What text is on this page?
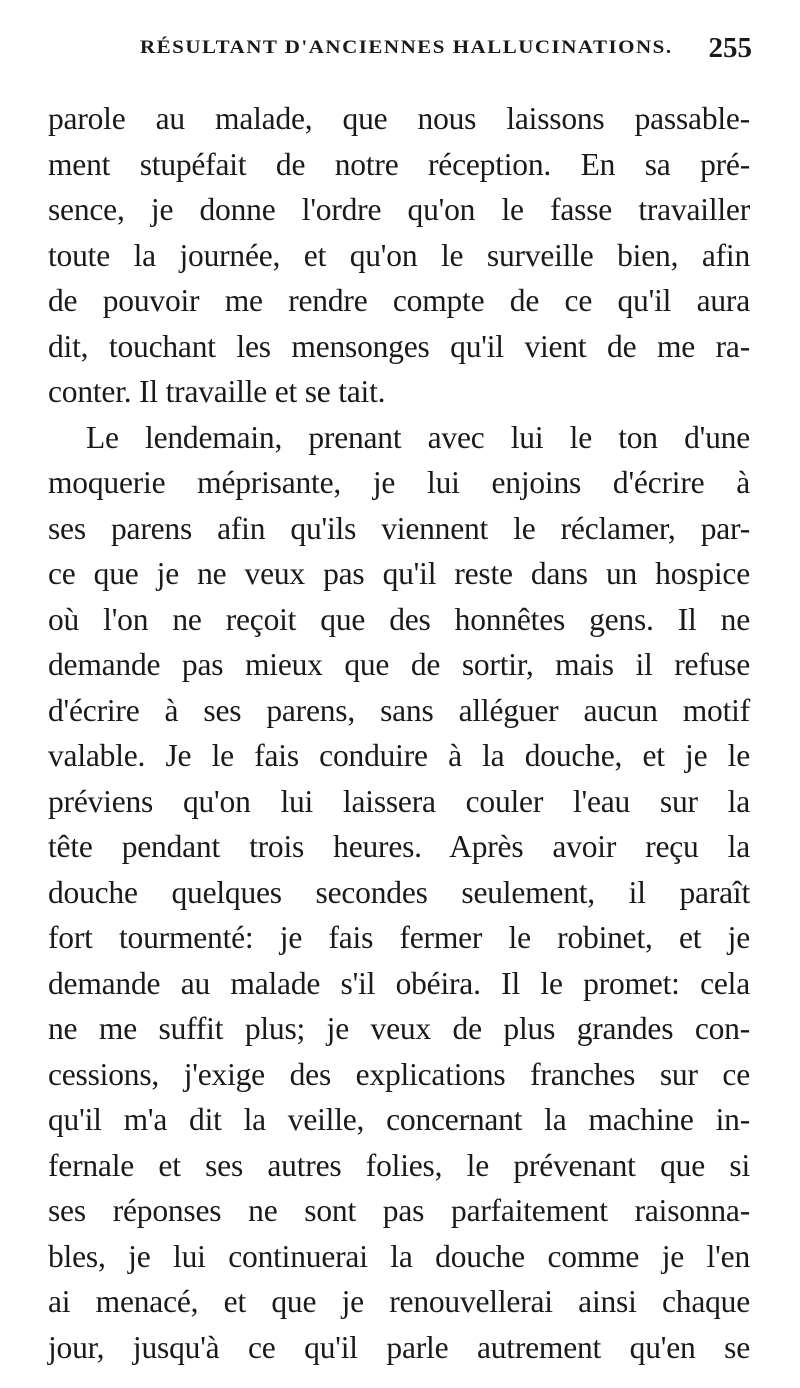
RÉSULTANT D'ANCIENNES HALLUCINATIONS. 255
parole au malade, que nous laissons passable-
ment stupéfait de notre réception. En sa pré-
sence, je donne l'ordre qu'on le fasse travailler
toute la journée, et qu'on le surveille bien, afin
de pouvoir me rendre compte de ce qu'il aura
dit, touchant les mensonges qu'il vient de me ra-
conter. Il travaille et se tait.
Le lendemain, prenant avec lui le ton d'une
moquerie méprisante, je lui enjoins d'écrire à
ses parens afin qu'ils viennent le réclamer, par-
ce que je ne veux pas qu'il reste dans un hospice
où l'on ne reçoit que des honnêtes gens. Il ne
demande pas mieux que de sortir, mais il refuse
d'écrire à ses parens, sans alléguer aucun motif
valable. Je le fais conduire à la douche, et je le
préviens qu'on lui laissera couler l'eau sur la
tête pendant trois heures. Après avoir reçu la
douche quelques secondes seulement, il paraît
fort tourmenté: je fais fermer le robinet, et je
demande au malade s'il obéira. Il le promet: cela
ne me suffit plus; je veux de plus grandes con-
cessions, j'exige des explications franches sur ce
qu'il m'a dit la veille, concernant la machine in-
fernale et ses autres folies, le prévenant que si
ses réponses ne sont pas parfaitement raisonna-
bles, je lui continuerai la douche comme je l'en
ai menacé, et que je renouvellerai ainsi chaque
jour, jusqu'à ce qu'il parle autrement qu'en se
